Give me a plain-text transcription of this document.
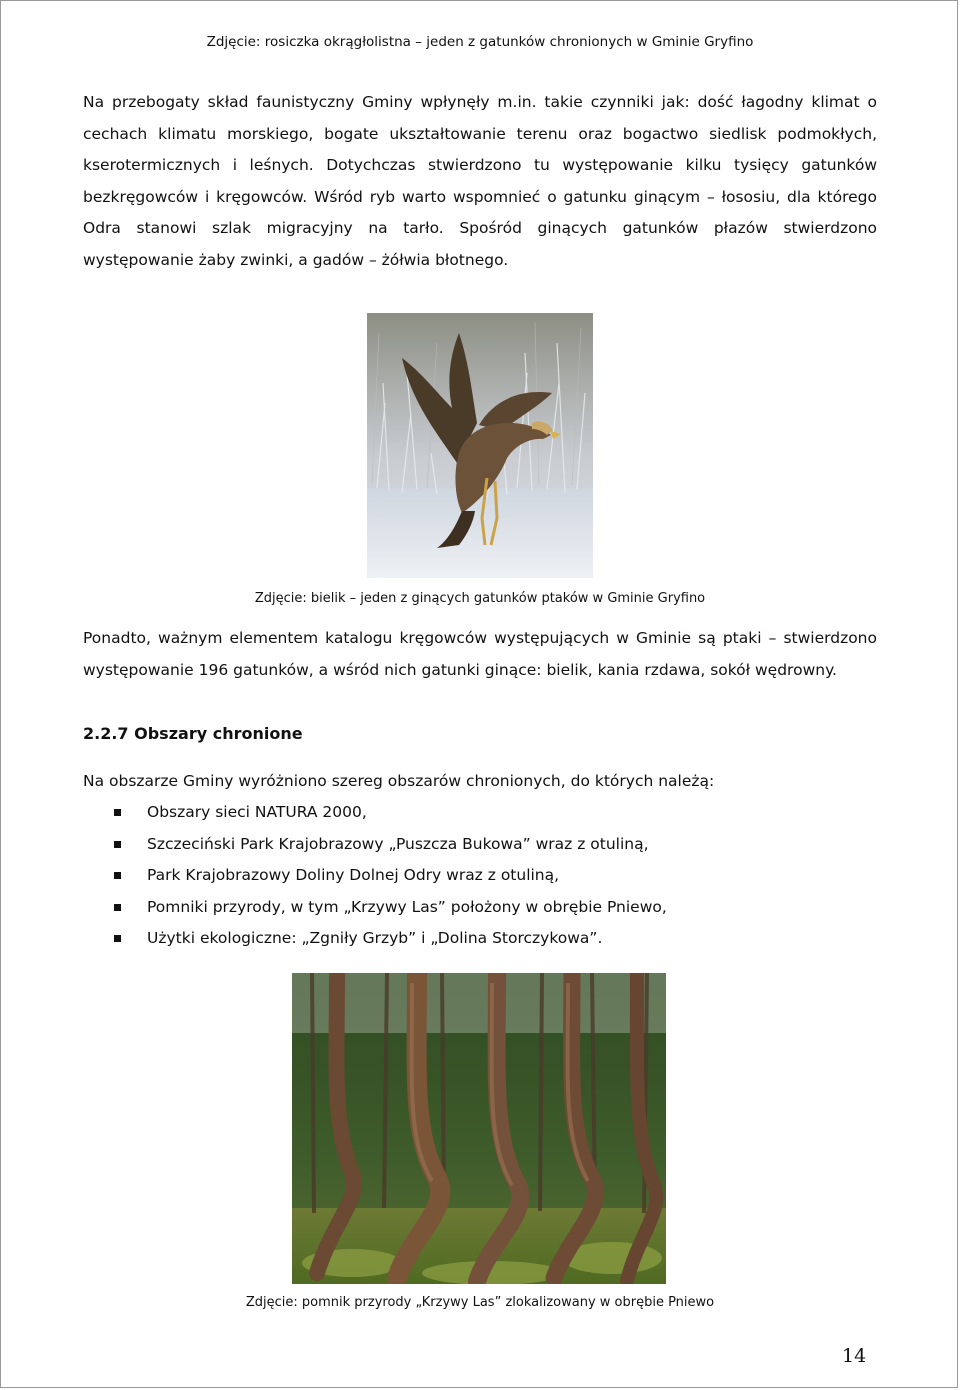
Zdjęcie: rosiczka okrągłolistna – jeden z gatunków chronionych w Gminie Gryfino

Na przebogaty skład faunistyczny Gminy wpłynęły m.in. takie czynniki jak: dość łagodny klimat o

cechach klimatu morskiego, bogate ukształtowanie terenu oraz bogactwo siedlisk podmokłych,

kserotermicznych i leśnych. Dotychczas stwierdzono tu występowanie kilku tysięcy gatunków

bezkręgowców i kręgowców. Wśród ryb warto wspomnieć o gatunku ginącym – łososiu, dla którego

Odra stanowi szlak migracyjny na tarło. Spośród ginących gatunków płazów stwierdzono

występowanie żaby zwinki, a gadów – żółwia błotnego.

Zdjęcie: bielik – jeden z ginących gatunków ptaków w Gminie Gryfino

Ponadto, ważnym elementem katalogu kręgowców występujących w Gminie są ptaki – stwierdzono

występowanie 196 gatunków, a wśród nich gatunki ginące: bielik, kania rzdawa, sokół wędrowny.

2.2.7 Obszary chronione

Na obszarze Gminy wyróżniono szereg obszarów chronionych, do których należą:

Obszary sieci NATURA 2000,
Szczeciński Park Krajobrazowy „Puszcza Bukowa” wraz z otuliną,
Park Krajobrazowy Doliny Dolnej Odry wraz z otuliną,
Pomniki przyrody, w tym „Krzywy Las” położony w obrębie Pniewo,
Użytki ekologiczne: „Zgniły Grzyb” i „Dolina Storczykowa”.
Zdjęcie: pomnik przyrody „Krzywy Las” zlokalizowany w obrębie Pniewo
14
